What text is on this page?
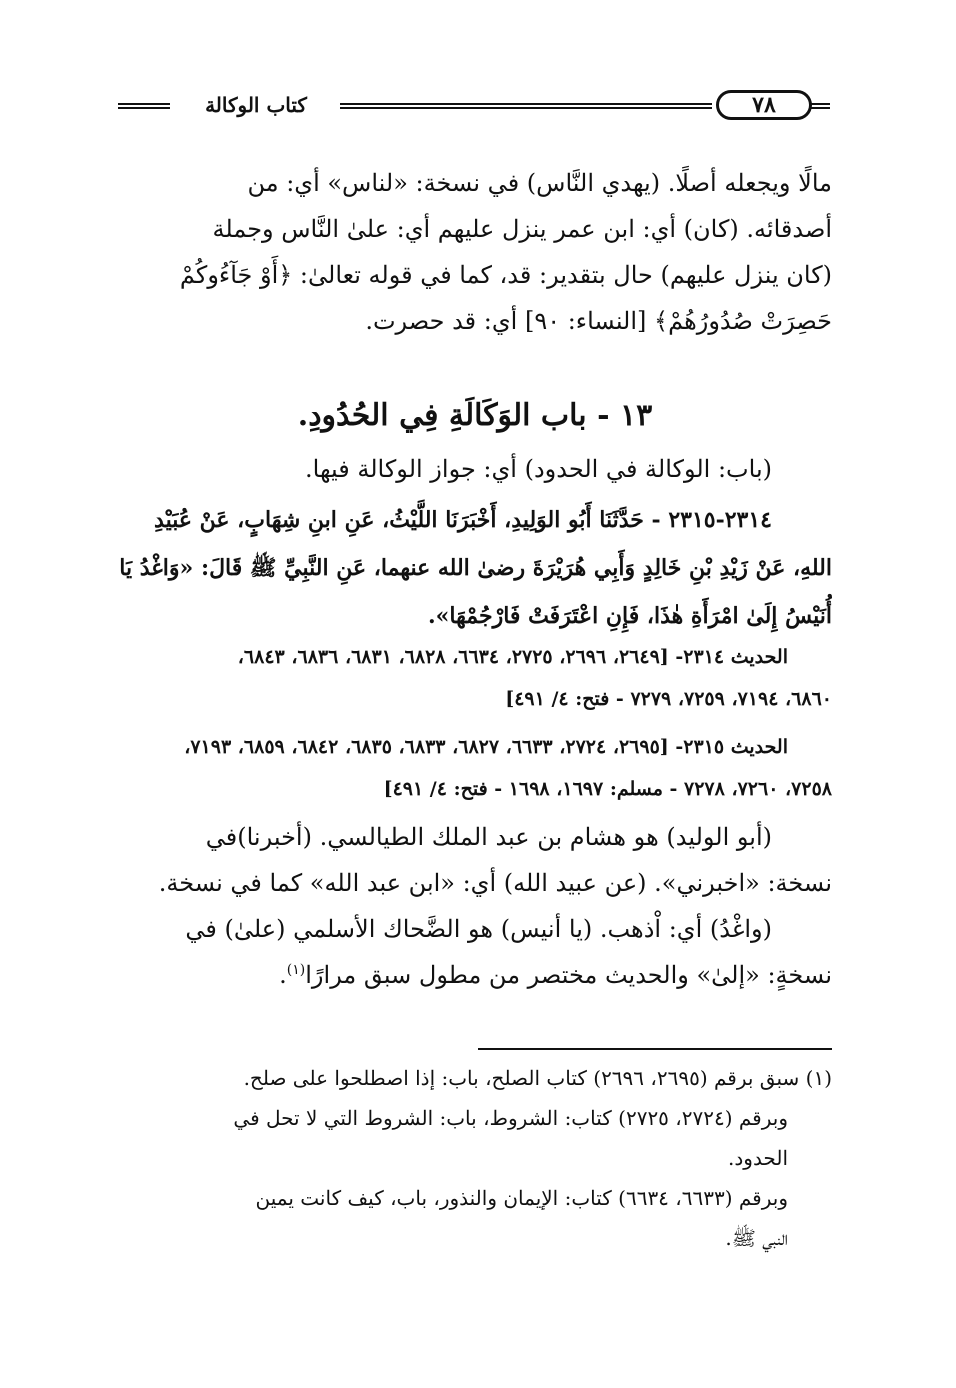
كتاب الوكالة	٧٨
مالًا ويجعله أصلًا. (يهدي النَّاس) في نسخة: «لناس» أي: من
أصدقائه. (كان) أي: ابن عمر ينزل عليهم أي: علىٰ النَّاس وجملة
(كان ينزل عليهم) حال بتقدير: قد، كما في قوله تعالىٰ: ﴿أَوْ جَآءُوكُمْ
حَصِرَتْ صُدُورُهُمْ﴾ [النساء: ٩٠] أي: قد حصرت.
١٣ - باب الوَكَالَةِ فِي الحُدُودِ.
(باب: الوكالة في الحدود) أي: جواز الوكالة فيها.
٢٣١٤-٢٣١٥ - حَدَّثَنَا أَبُو الوَلِيدِ، أَخْبَرَنَا اللَّيْثُ، عَنِ ابنِ شِهَابٍ، عَنْ عُبَيْدِ
اللهِ، عَنْ زَيْدِ بْنِ خَالِدٍ وَأَبِي هُرَيْرَةَ رضىٰ الله عنهما، عَنِ النَّبِيِّ ﷺ قَالَ: «وَاغْدُ يَا
أُنَيْسُ إِلَىٰ امْرَأَةِ هٰذَا، فَإِنِ اعْتَرَفَتْ فَارْجُمْهَا».
الحديث ٢٣١٤- [٢٦٤٩، ٢٦٩٦، ٢٧٢٥، ٦٦٣٤، ٦٨٢٨، ٦٨٣١، ٦٨٣٦، ٦٨٤٣،
٦٨٦٠، ٧١٩٤، ٧٢٥٩، ٧٢٧٩ - فتح: ٤/ ٤٩١]
الحديث ٢٣١٥- [٢٦٩٥، ٢٧٢٤، ٦٦٣٣، ٦٨٢٧، ٦٨٣٣، ٦٨٣٥، ٦٨٤٢، ٦٨٥٩، ٧١٩٣،
٧٢٥٨، ٧٢٦٠، ٧٢٧٨ - مسلم: ١٦٩٧، ١٦٩٨ - فتح: ٤/ ٤٩١]
(أبو الوليد) هو هشام بن عبد الملك الطيالسي. (أخبرنا)في
نسخة: «اخبرني». (عن عبيد الله) أي: «ابن عبد الله» كما في نسخة.
(واغْدُ) أي: اْذهب. (يا أنيس) هو الضَّحاك الأسلمي (علىٰ) في
نسخةٍ: «إلىٰ» والحديث مختصر من مطول سبق مرارًا$^{(١)}$.
(١) سبق برقم (٢٦٩٥، ٢٦٩٦) كتاب الصلح، باب: إذا اصطلحوا على صلح.
وبرقم (٢٧٢٤، ٢٧٢٥) كتاب: الشروط، باب: الشروط التي لا تحل في
الحدود.
وبرقم (٦٦٣٣، ٦٦٣٤) كتاب: الإيمان والنذور، باب، كيف كانت يمين
النبي ﷺ.
